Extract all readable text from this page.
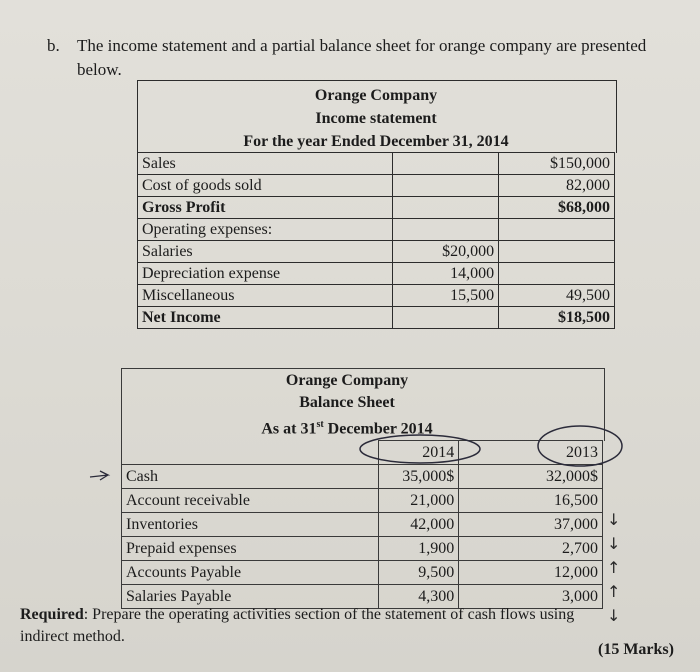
b. The income statement and a partial balance sheet for orange company are presented
below.
Orange Company
Income statement
For the year Ended December 31, 2014
Sales		$150,000
Cost of goods sold		82,000
Gross Profit		$68,000
Operating expenses:		
Salaries	$20,000	
Depreciation expense	14,000	
Miscellaneous	15,500	49,500
Net Income		$18,500
Orange Company
Balance Sheet
As at 31st December 2014
	2014	2013
Cash	35,000$	32,000$
Account receivable	21,000	16,500
Inventories	42,000	37,000
Prepaid expenses	1,900	2,700
Accounts Payable	9,500	12,000
Salaries Payable	4,300	3,000
Required: Prepare the operating activities section of the statement of cash flows using
indirect method.
(15 Marks)
↓
↓
↑
↑
↓
